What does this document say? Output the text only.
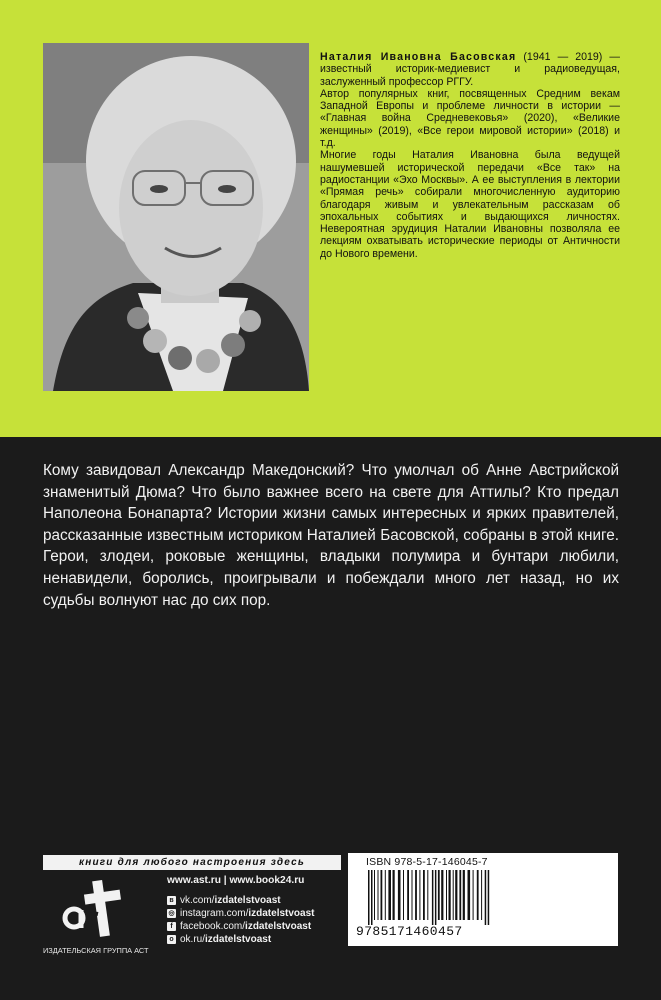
Наталия Ивановна Басовская (1941 — 2019) — известный историк-медиевист и радиоведущая, заслуженный профессор РГГУ.

Автор популярных книг, посвященных Средним векам Западной Европы и проблеме личности в истории — «Главная война Средневековья» (2020), «Великие женщины» (2019), «Все герои мировой истории» (2018) и т.д.

Многие годы Наталия Ивановна была ведущей нашумевшей исторической передачи «Все так» на радиостанции «Эхо Москвы». А ее выступления в лектории «Прямая речь» собирали многочисленную аудиторию благодаря живым и увлекательным рассказам об эпохальных событиях и выдающихся личностях. Невероятная эрудиция Наталии Ивановны позволяла ее лекциям охватывать исторические периоды от Античности до Нового времени.

Кому завидовал Александр Македонский? Что умолчал об Анне Австрийской знаменитый Дюма? Что было важнее всего на свете для Аттилы? Кто предал Наполеона Бонапарта? Истории жизни самых интересных и ярких правителей, рассказанные известным историком Наталией Басовской, собраны в этой книге. Герои, злодеи, роковые женщины, владыки полумира и бунтари любили, ненавидели, боролись, проигрывали и побеждали много лет назад, но их судьбы волнуют нас до сих пор.

книги для любого настроения здесь
ИЗДАТЕЛЬСКАЯ ГРУППА АСТ
www.ast.ru | www.book24.ru
в vk.com/ izdatelstvoast
◎ instagram.com/ izdatelstvoast
f facebook.com/ izdatelstvoast
о ok.ru/ izdatelstvoast
ISBN 978-5-17-146045-7
9785171460457
